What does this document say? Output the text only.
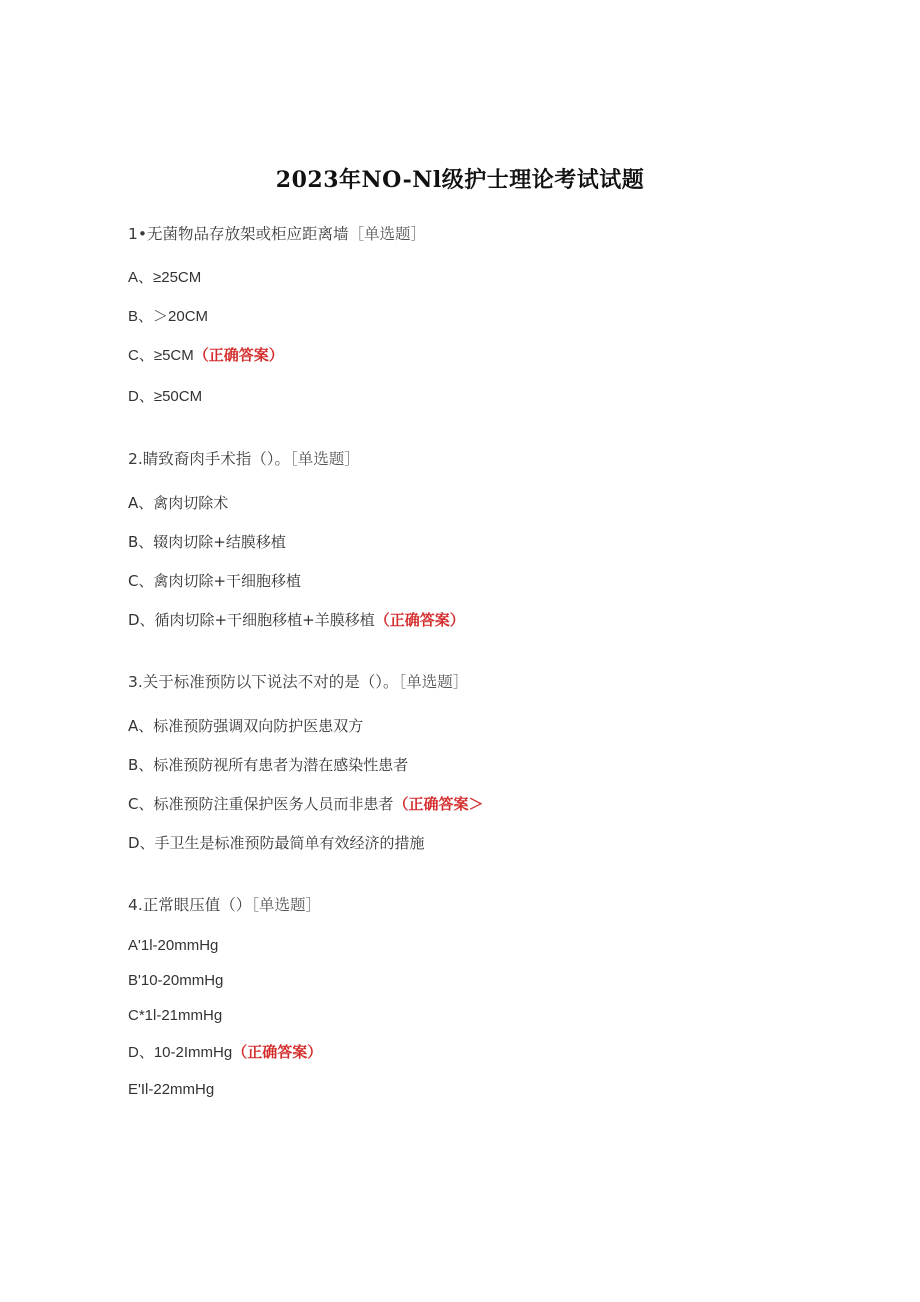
2023年NO-Nl级护士理论考试试题
1•无菌物品存放架或柜应距离墙［单选题］
A、≥25CM
B、＞20CM
C、≥5CM（正确答案）
D、≥50CM
2.睛致裔肉手术指（）。［单选题］
A、禽肉切除术
B、辍肉切除+结膜移植
C、禽肉切除+干细胞移植
D、循肉切除+干细胞移植+羊膜移植（正确答案）
3.关于标准预防以下说法不对的是（）。［单选题］
A、标准预防强调双向防护医患双方
B、标准预防视所有患者为潜在感染性患者
C、标准预防注重保护医务人员而非患者（正确答案＞
D、手卫生是标准预防最简单有效经济的措施
4.正常眼压值（）［单选题］
A'1l-20mmHg
B'10-20mmHg
C*1l-21mmHg
D、10-2ImmHg（正确答案）
E'Il-22mmHg
